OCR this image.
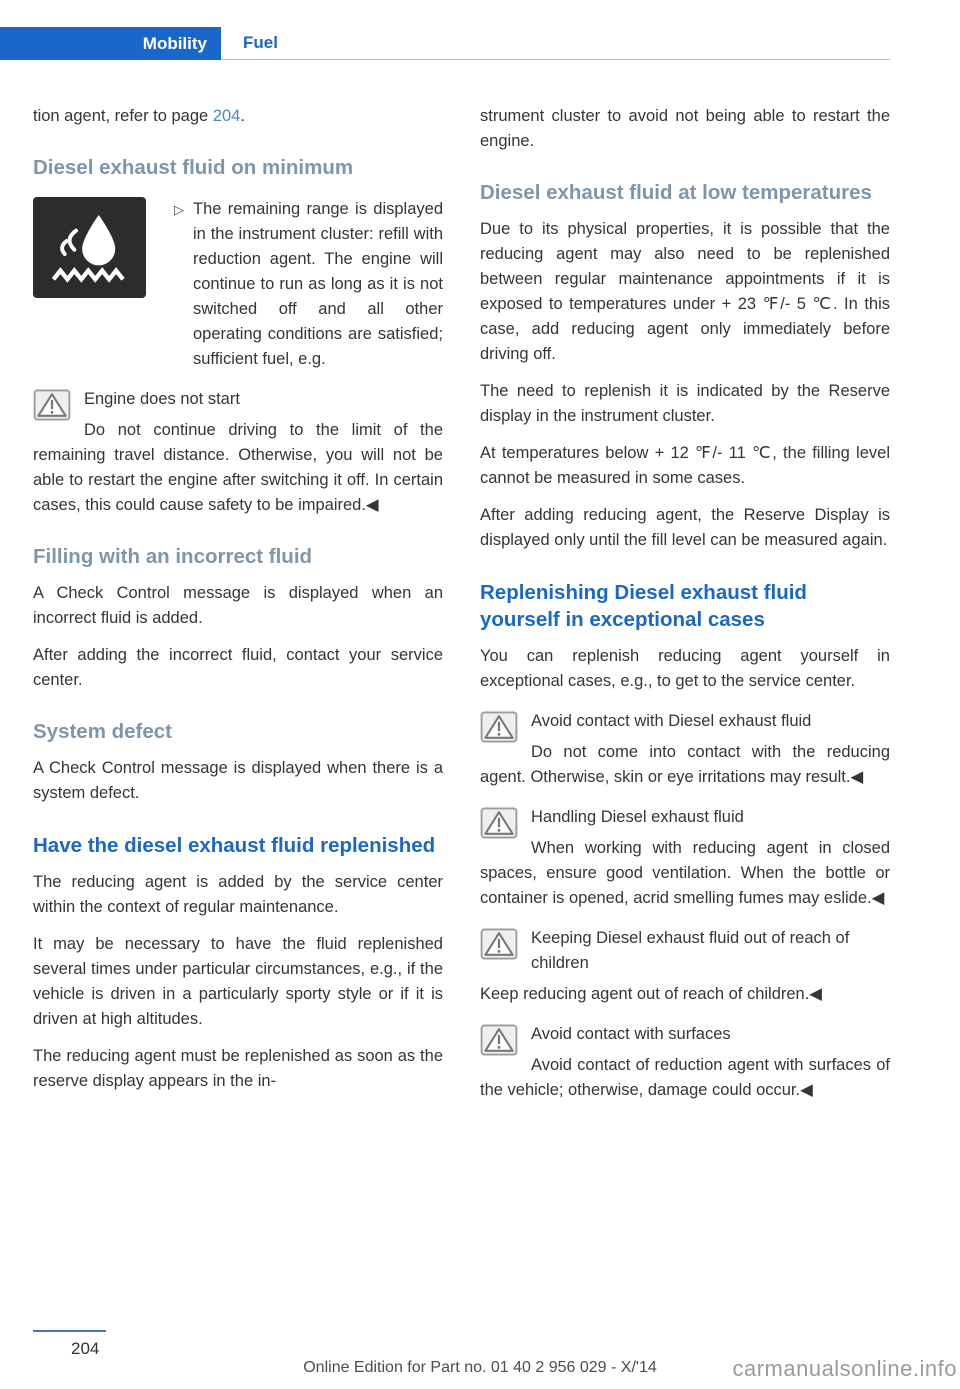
Mobility	Fuel

tion agent, refer to page 204.

Diesel exhaust fluid on minimum
▷ The remaining range is displayed in the instrument cluster: refill with reduction agent. The engine will continue to run as long as it is not switched off and all other operating conditions are satisfied; sufficient fuel, e.g.

Engine does not start

Do not continue driving to the limit of the remaining travel distance. Otherwise, you will not be able to restart the engine after switching it off. In certain cases, this could cause safety to be impaired.◀

Filling with an incorrect fluid

A Check Control message is displayed when an incorrect fluid is added.

After adding the incorrect fluid, contact your service center.

System defect

A Check Control message is displayed when there is a system defect.

Have the diesel exhaust fluid replenished

The reducing agent is added by the service center within the context of regular maintenance.

It may be necessary to have the fluid replenished several times under particular circumstances, e.g., if the vehicle is driven in a particularly sporty style or if it is driven at high altitudes.

The reducing agent must be replenished as soon as the reserve display appears in the in-

strument cluster to avoid not being able to restart the engine.

Diesel exhaust fluid at low temperatures

Due to its physical properties, it is possible that the reducing agent may also need to be replenished between regular maintenance appointments if it is exposed to temperatures under + 23 ℉/- 5 ℃. In this case, add reducing agent only immediately before driving off.

The need to replenish it is indicated by the Reserve display in the instrument cluster.

At temperatures below + 12 ℉/- 11 ℃, the filling level cannot be measured in some cases.

After adding reducing agent, the Reserve Display is displayed only until the fill level can be measured again.

Replenishing Diesel exhaust fluid yourself in exceptional cases

You can replenish reducing agent yourself in exceptional cases, e.g., to get to the service center.

Avoid contact with Diesel exhaust fluid

Do not come into contact with the reducing agent. Otherwise, skin or eye irritations may result.◀

Handling Diesel exhaust fluid

When working with reducing agent in closed spaces, ensure good ventilation. When the bottle or container is opened, acrid smelling fumes may eslide.◀

Keeping Diesel exhaust fluid out of reach of children

Keep reducing agent out of reach of children.◀

Avoid contact with surfaces

Avoid contact of reduction agent with surfaces of the vehicle; otherwise, damage could occur.◀

204
Online Edition for Part no. 01 40 2 956 029 - X/'14	carmanualsonline.info
